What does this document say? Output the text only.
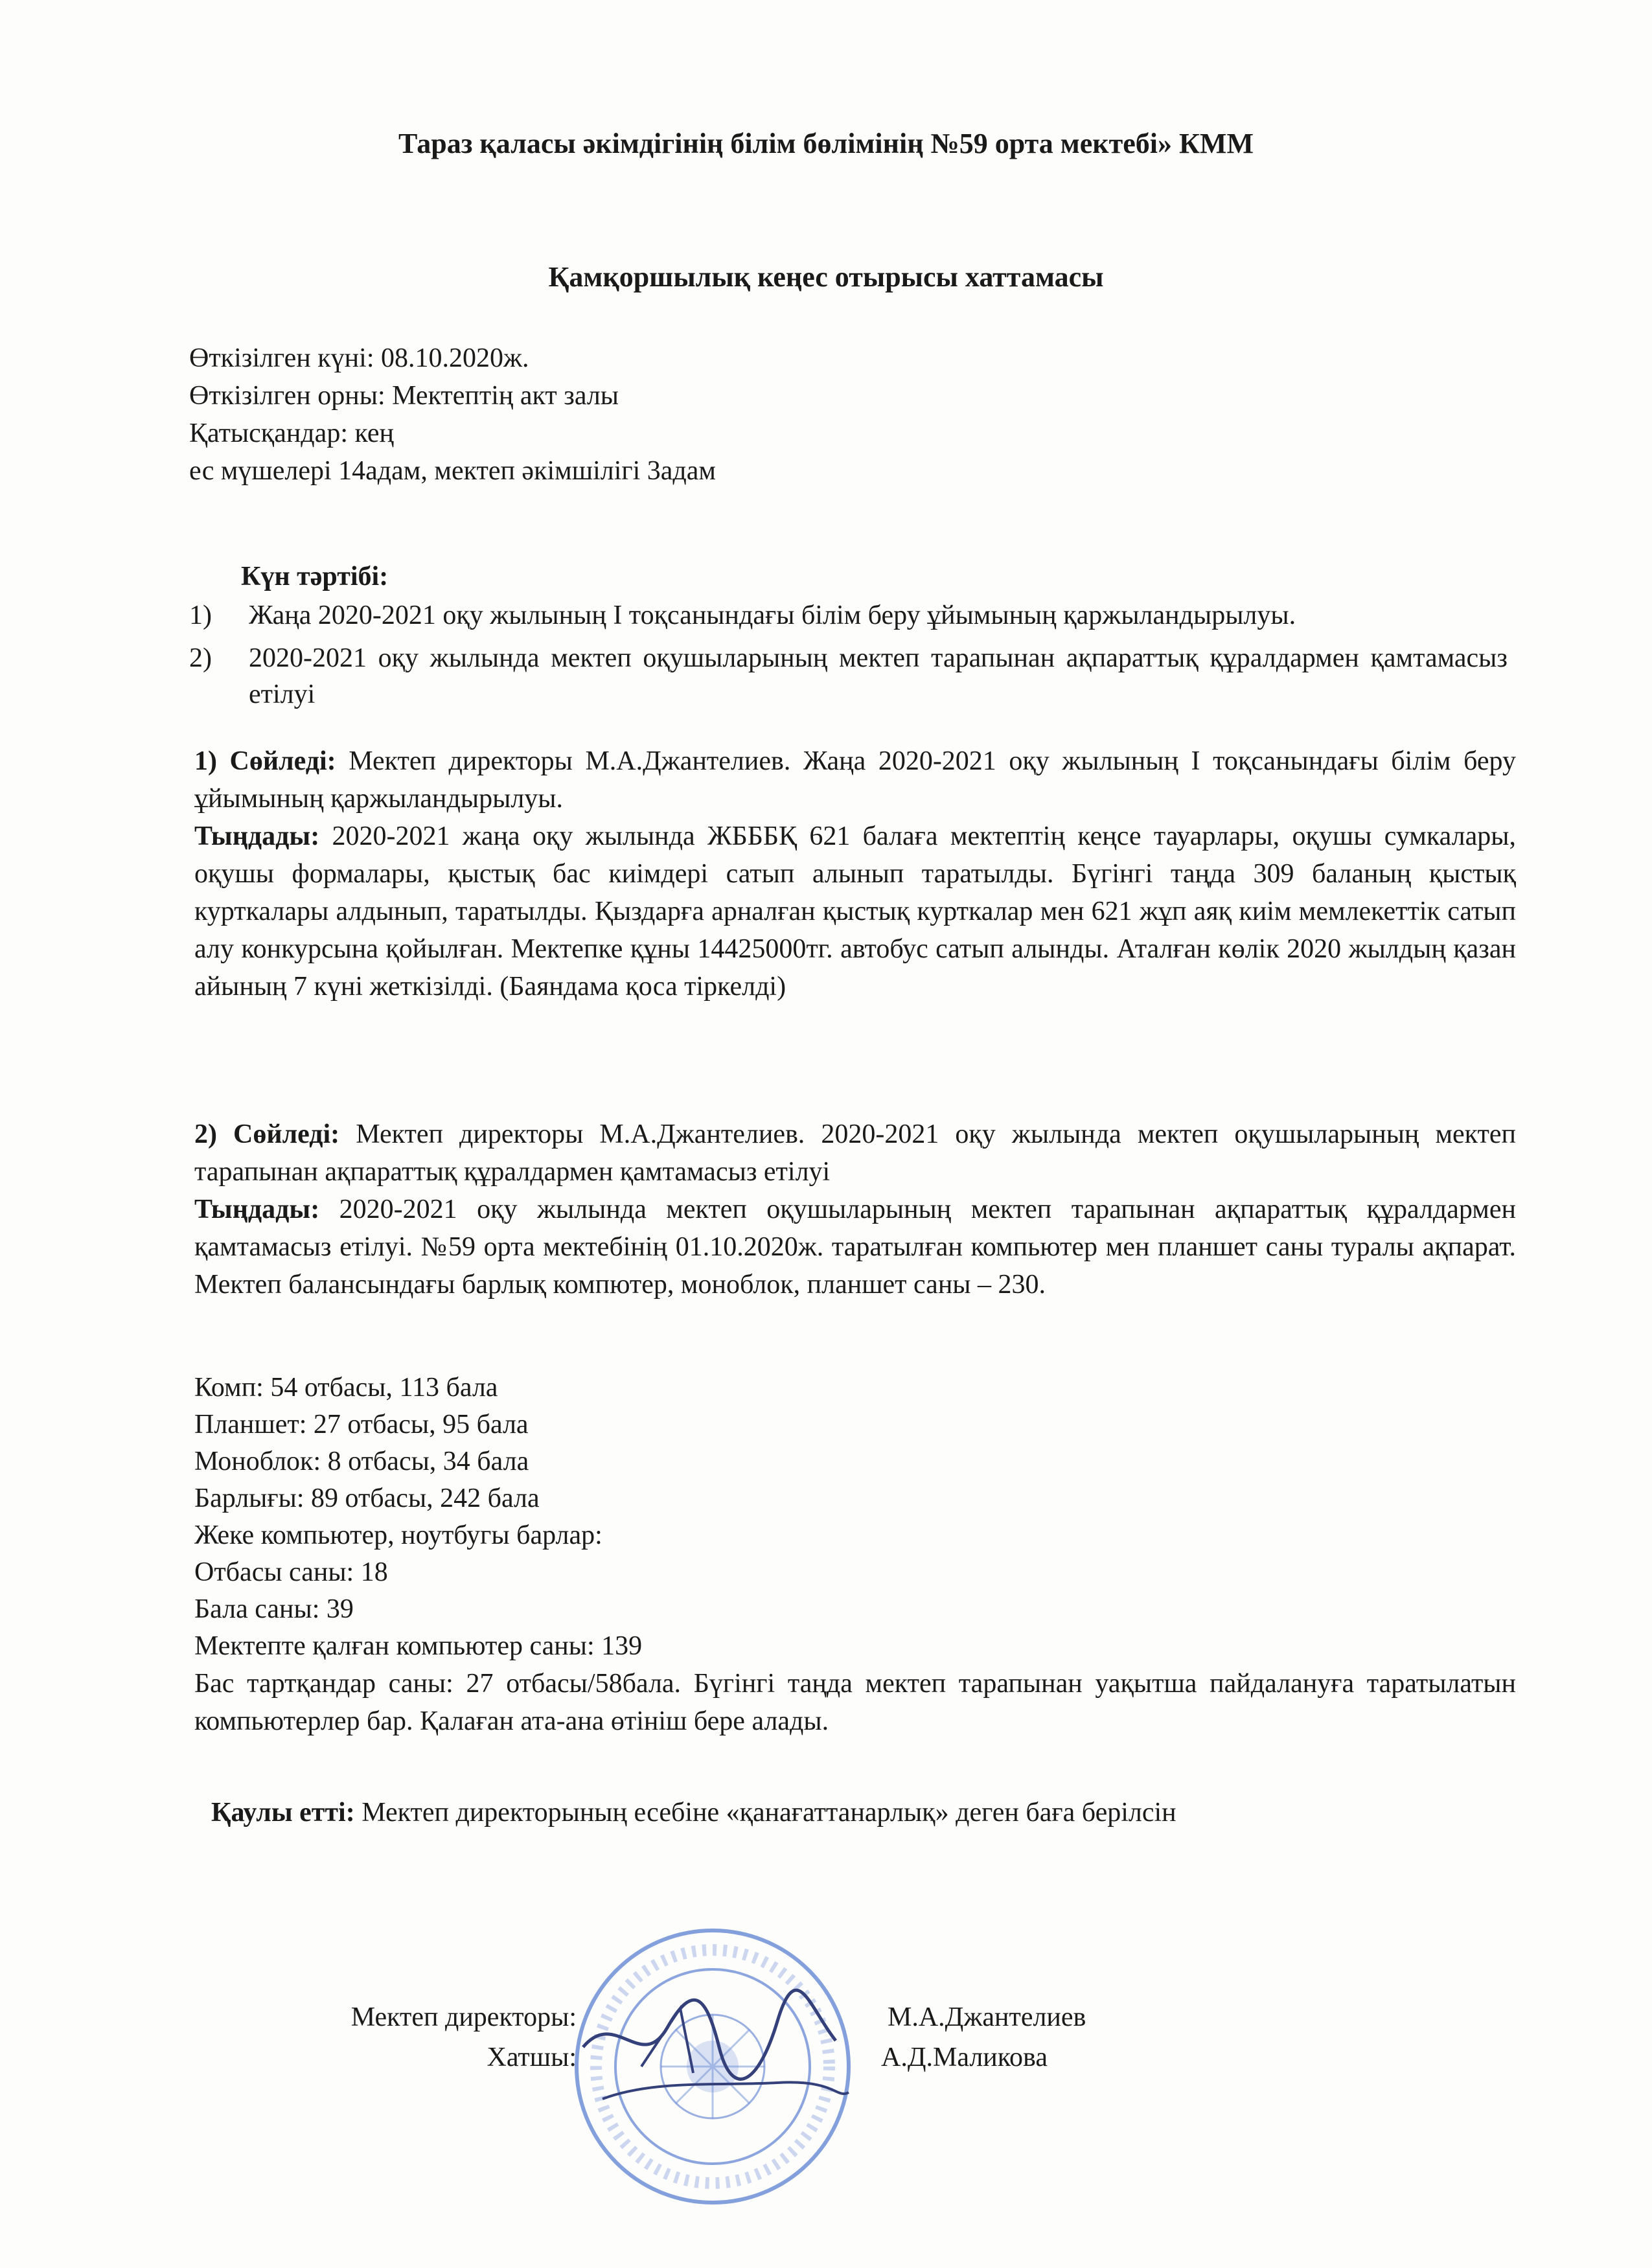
Тараз қаласы әкімдігінің білім бөлімінің №59 орта мектебі» КММ
Қамқоршылық кеңес отырысы хаттамасы
Өткізілген күні: 08.10.2020ж.
Өткізілген орны: Мектептің акт залы
Қатысқандар: кең
ес мүшелері 14адам, мектеп әкімшілігі 3адам
Күн тәртібі:
1) Жаңа 2020-2021 оқу жылының І тоқсанындағы білім беру ұйымының қаржыландырылуы.
2) 2020-2021 оқу жылында мектеп оқушыларының мектеп тарапынан ақпараттық құралдармен қамтамасыз етілуі
1) Сөйледі: Мектеп директоры М.А.Джантелиев. Жаңа 2020-2021 оқу жылының І тоқсанындағы білім беру ұйымының қаржыландырылуы.
Тыңдады: 2020-2021 жаңа оқу жылында ЖБББҚ 621 балаға мектептің кеңсе тауарлары, оқушы сумкалары, оқушы формалары, қыстық бас киімдері сатып алынып таратылды. Бүгінгі таңда 309 баланың қыстық курткалары алдынып, таратылды. Қыздарға арналған қыстық курткалар мен 621 жұп аяқ киім мемлекеттік сатып алу конкурсына қойылған. Мектепке құны 14425000тг. автобус сатып алынды. Аталған көлік 2020 жылдың қазан айының 7 күні жеткізілді. (Баяндама қоса тіркелді)
2) Сөйледі: Мектеп директоры М.А.Джантелиев. 2020-2021 оқу жылында мектеп оқушыларының мектеп тарапынан ақпараттық құралдармен қамтамасыз етілуі
Тыңдады: 2020-2021 оқу жылында мектеп оқушыларының мектеп тарапынан ақпараттық құралдармен қамтамасыз етілуі. №59 орта мектебінің 01.10.2020ж. таратылған компьютер мен планшет саны туралы ақпарат. Мектеп балансындағы барлық компютер, моноблок, планшет саны – 230.
Комп: 54 отбасы, 113 бала
Планшет: 27 отбасы, 95 бала
Моноблок: 8 отбасы, 34 бала
Барлығы: 89 отбасы, 242 бала
Жеке компьютер, ноутбугы барлар:
Отбасы саны: 18
Бала саны: 39
Мектепте қалған компьютер саны: 139
Бас тартқандар саны: 27 отбасы/58бала. Бүгінгі таңда мектеп тарапынан уақытша пайдалануға таратылатын компьютерлер бар. Қалаған ата-ана өтініш бере алады.
Қаулы етті: Мектеп директорының есебіне «қанағаттанарлық» деген баға берілсін
Мектеп директоры:	М.А.Джантелиев
Хатшы:	А.Д.Маликова
